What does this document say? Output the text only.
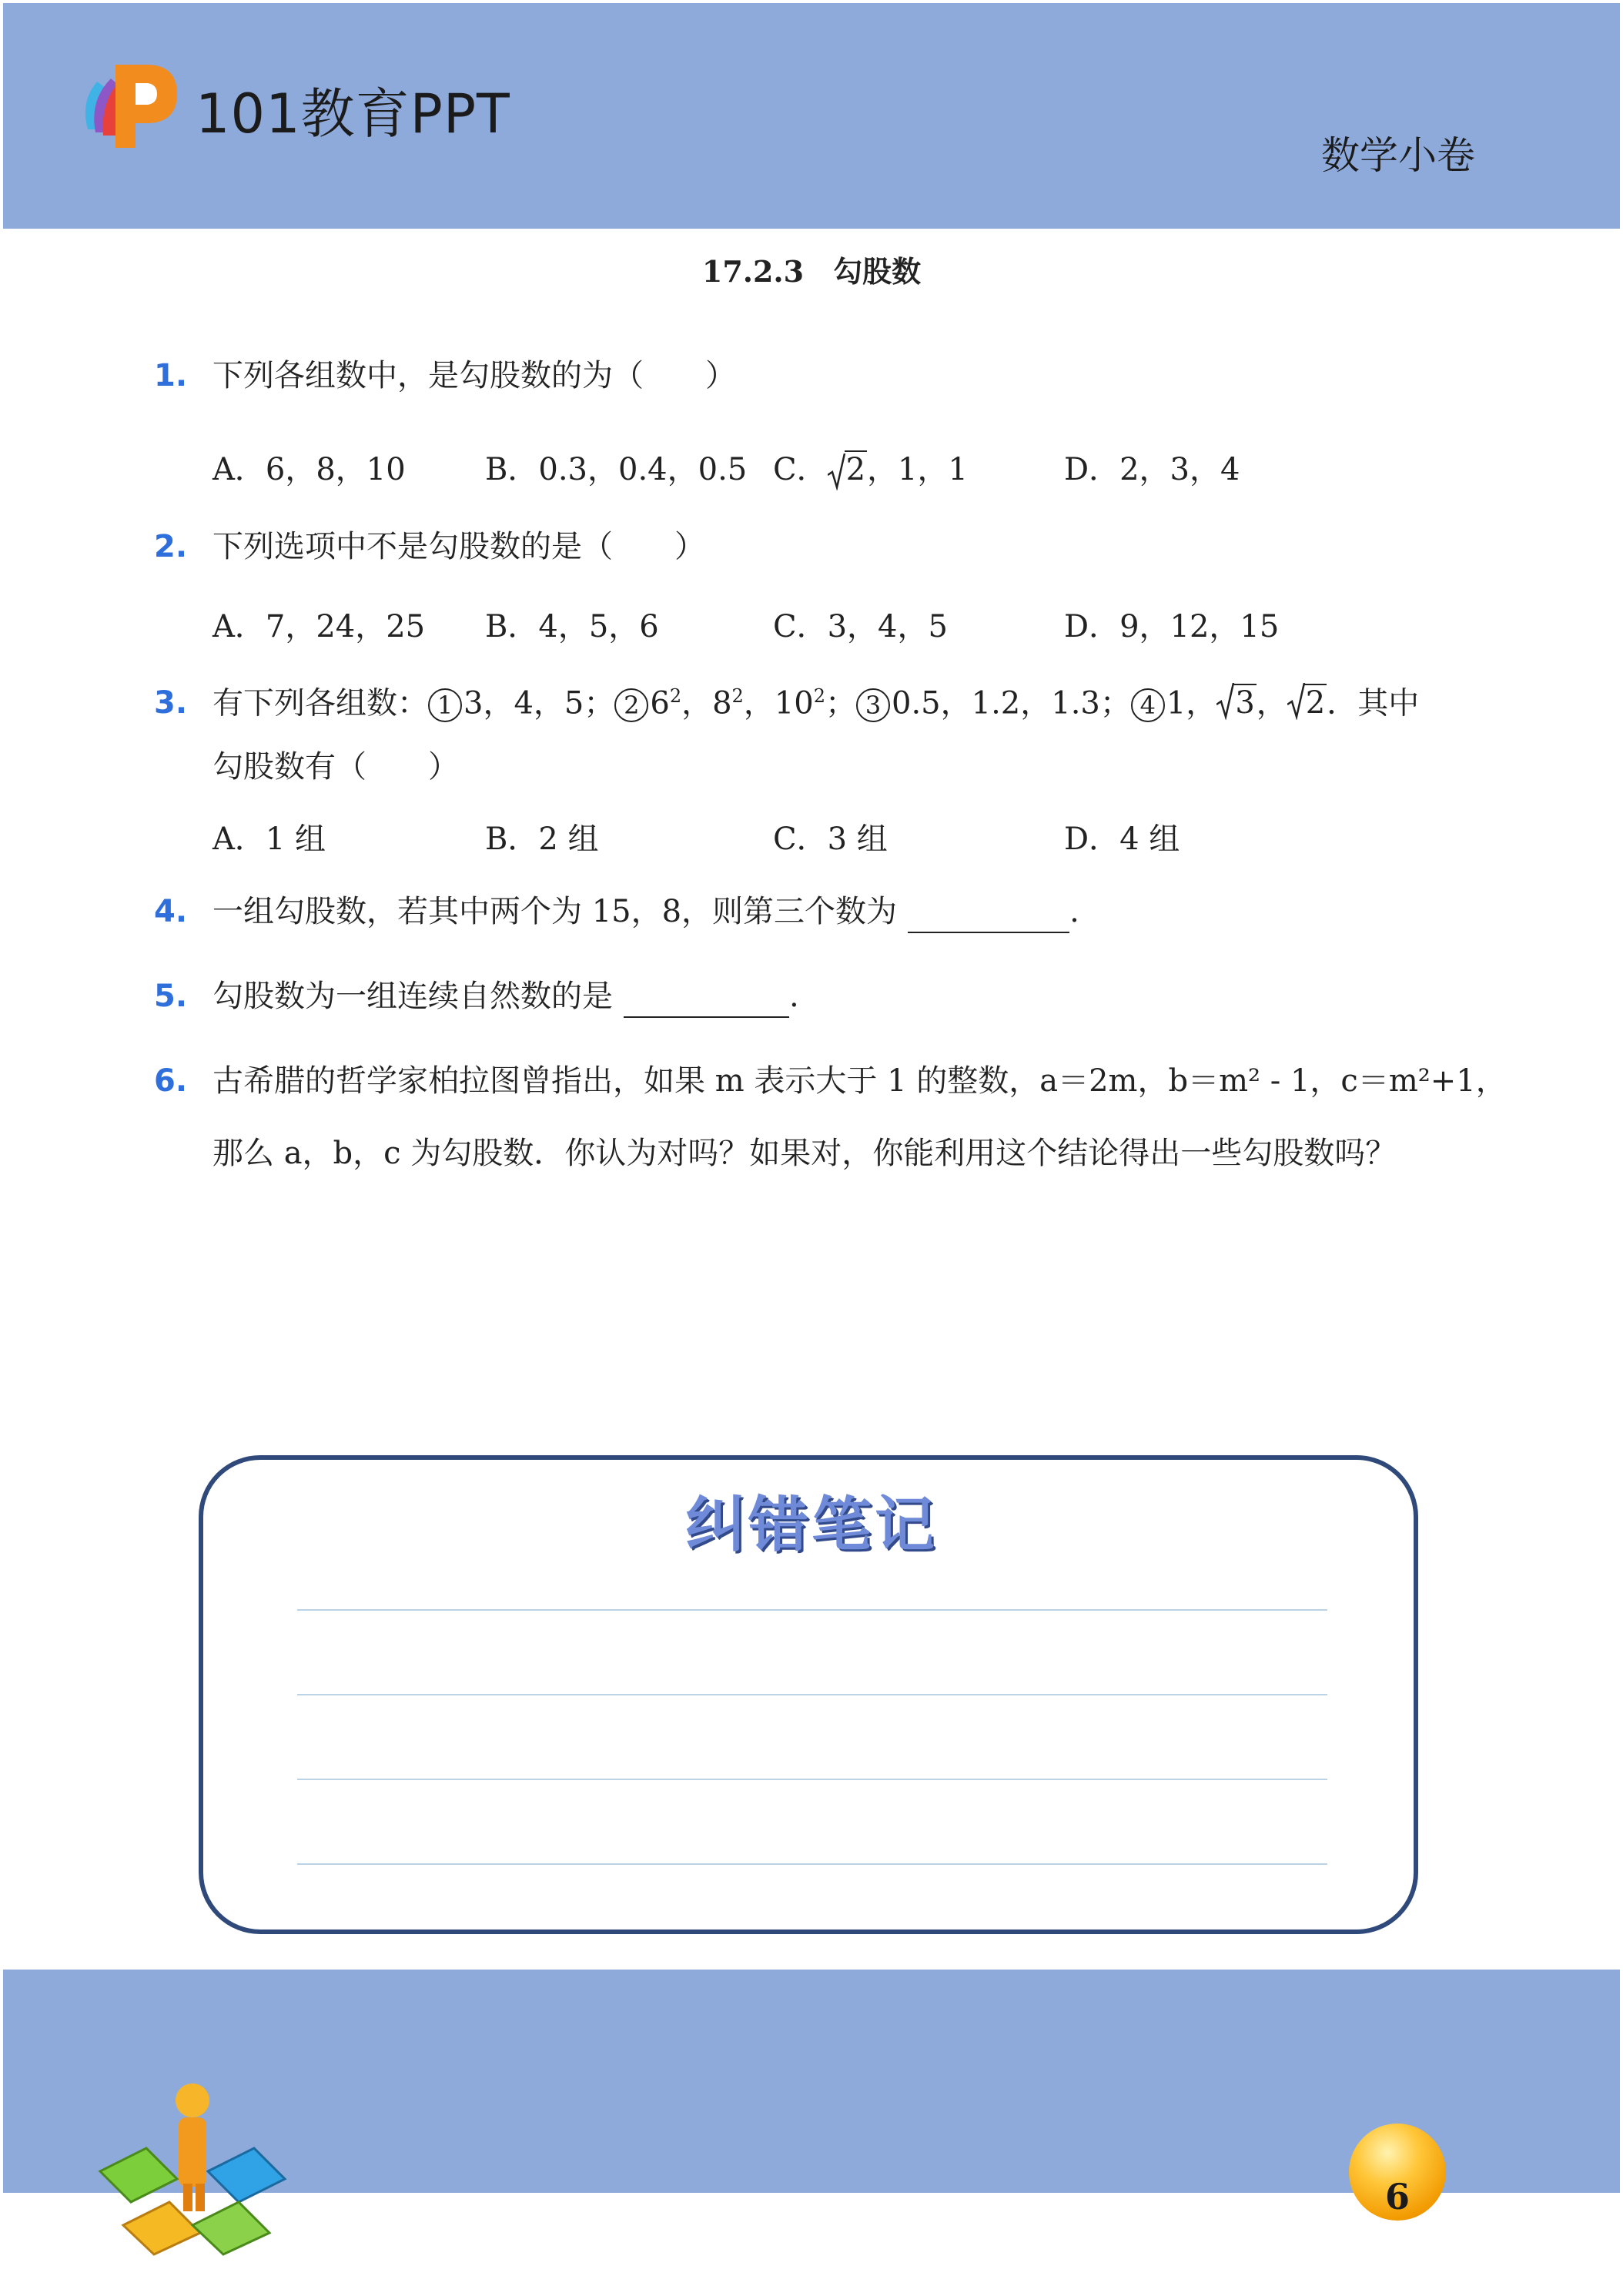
101教育PPT
数学小卷
17.2.3　勾股数
1. 下列各组数中，是勾股数的为（　　）
A．6，8，10	B．0.3，0.4，0.5 C． 2，1，1	D．2，3，4
2. 下列选项中不是勾股数的是（　　）
A．7，24，25 B．4，5，6	C．3，4，5	D．9，12，15
3. 有下列各组数： 1 3，4，5； 2 $6^2$，$8^2$，$10^2$； 3 0.5，1.2，1.3； 4 1， 3， 2．其中
勾股数有（　　）
A．1 组	B．2 组	C．3 组	D．4 组
4. 一组勾股数，若其中两个为 15，8，则第三个数为	.
5. 勾股数为一组连续自然数的是	.
6. 古希腊的哲学家柏拉图曾指出，如果 m 表示大于 1 的整数，a＝2m，b＝m² - 1，c＝m²+1，
那么 a，b，c 为勾股数．你认为对吗？如果对，你能利用这个结论得出一些勾股数吗？
纠错笔记
6
